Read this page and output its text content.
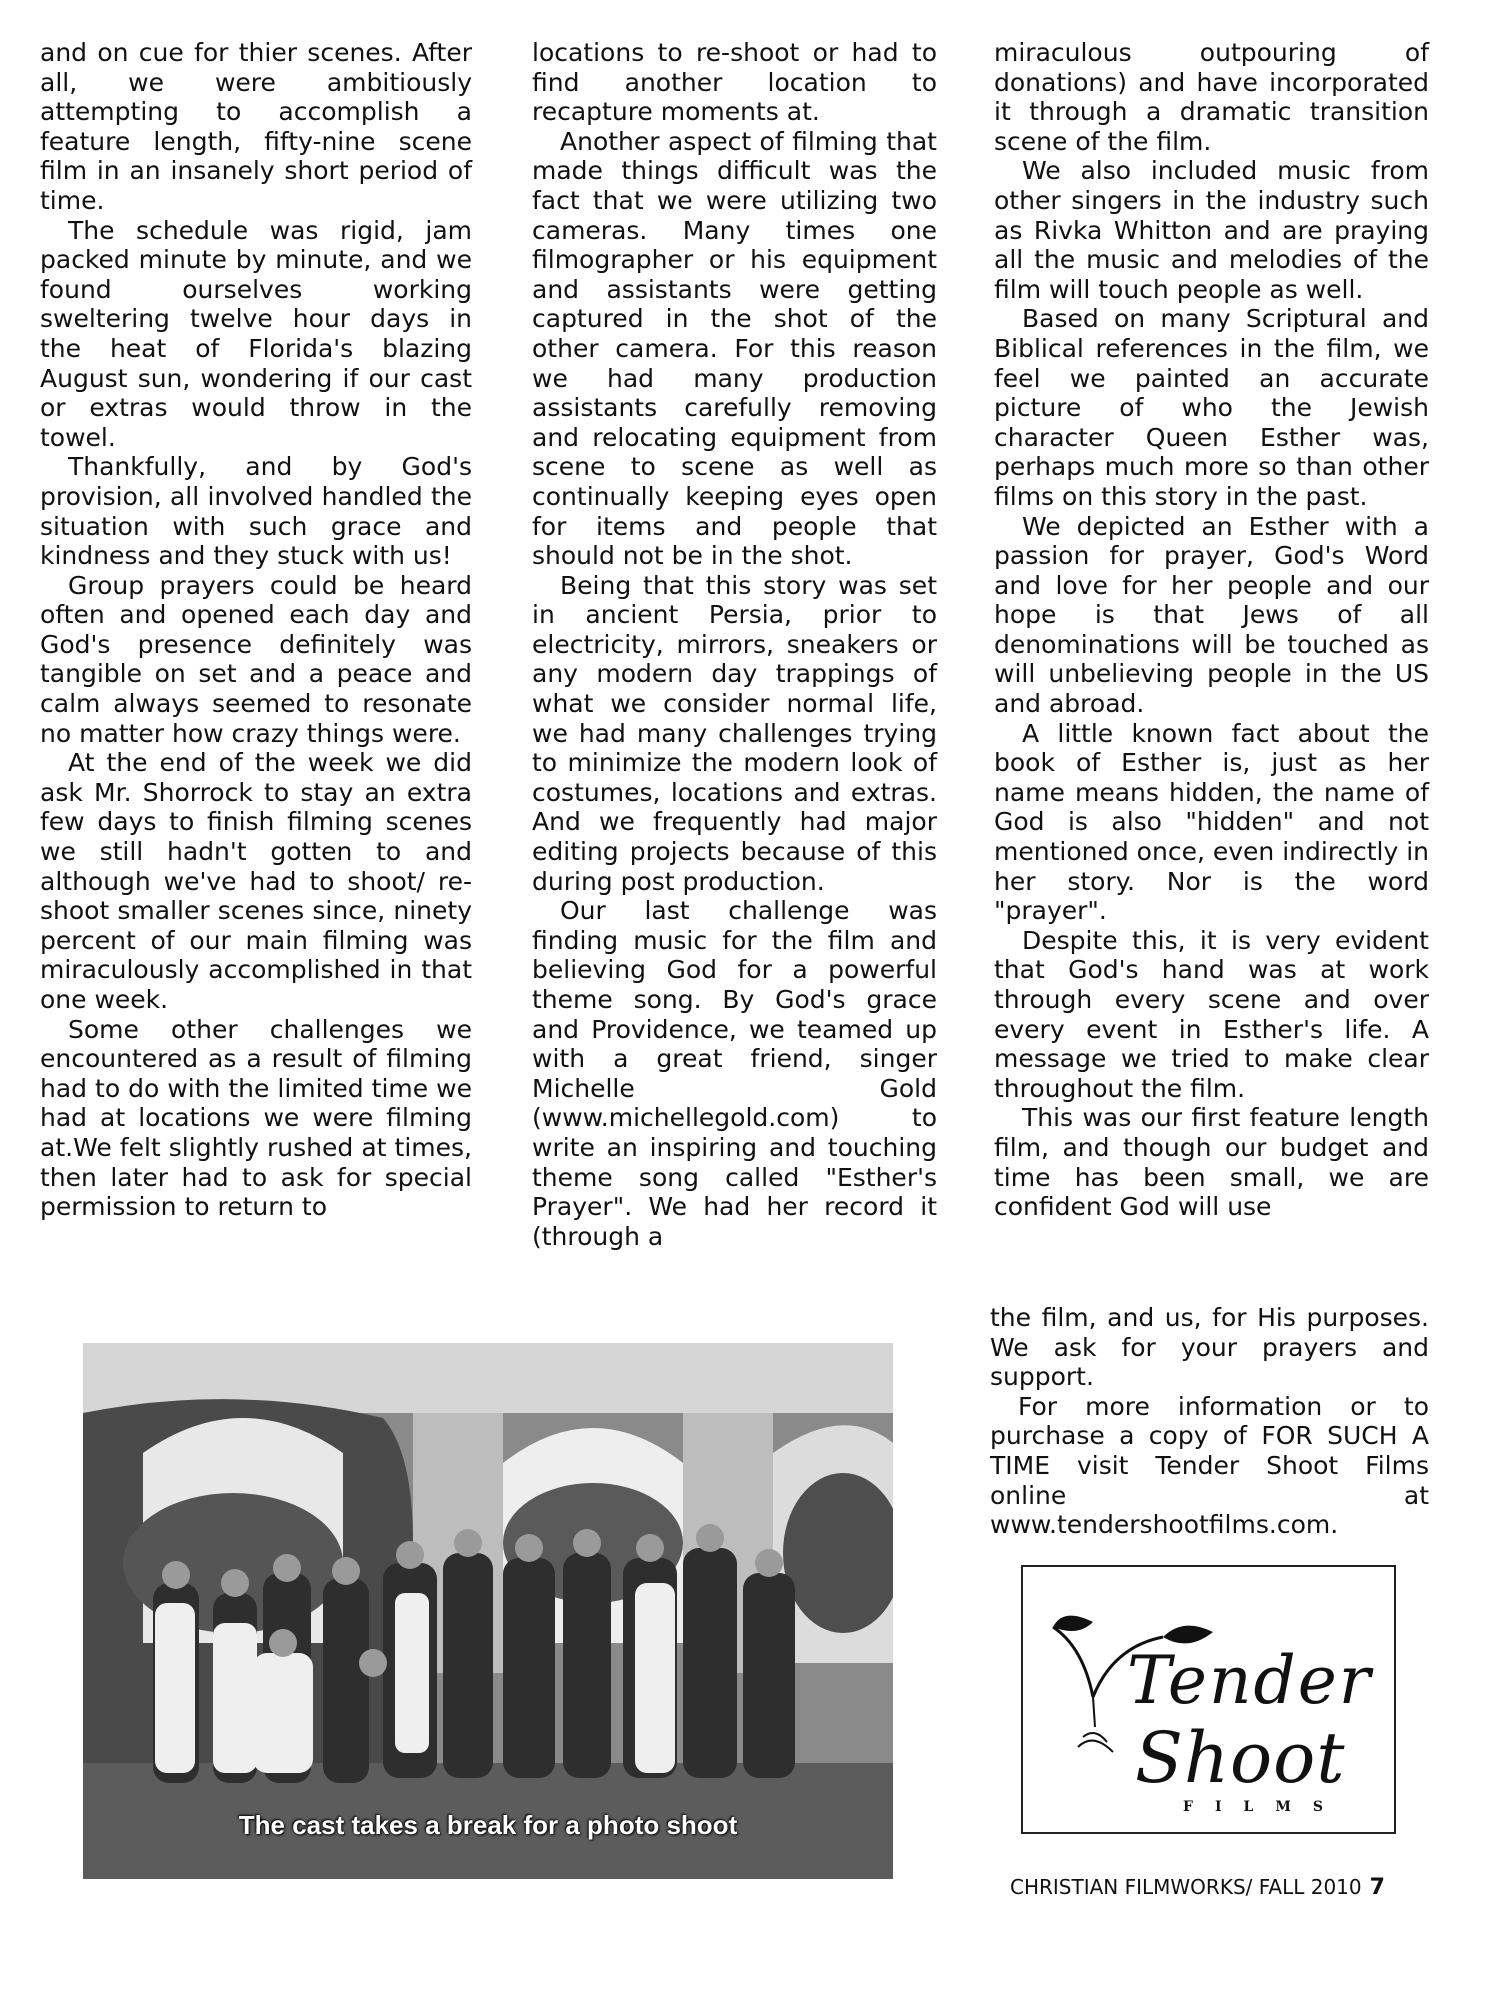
and on cue for thier scenes. After all, we were ambitiously attempting to accomplish a feature length, fifty-nine scene film in an insanely short period of time.

The schedule was rigid, jam packed minute by minute, and we found ourselves working sweltering twelve hour days in the heat of Florida's blazing August sun, wondering if our cast or extras would throw in the towel.

Thankfully, and by God's provision, all involved handled the situation with such grace and kindness and they stuck with us!

Group prayers could be heard often and opened each day and God's presence definitely was tangible on set and a peace and calm always seemed to resonate no matter how crazy things were.

At the end of the week we did ask Mr. Shorrock to stay an extra few days to finish filming scenes we still hadn't gotten to and although we've had to shoot/ re-shoot smaller scenes since, ninety percent of our main filming was miraculously accomplished in that one week.

Some other challenges we encountered as a result of filming had to do with the limited time we had at locations we were filming at.We felt slightly rushed at times, then later had to ask for special permission to return to

locations to re-shoot or had to find another location to recapture moments at.

Another aspect of filming that made things difficult was the fact that we were utilizing two cameras. Many times one filmographer or his equipment and assistants were getting captured in the shot of the other camera. For this reason we had many production assistants carefully removing and relocating equipment from scene to scene as well as continually keeping eyes open for items and people that should not be in the shot.

Being that this story was set in ancient Persia, prior to electricity, mirrors, sneakers or any modern day trappings of what we consider normal life, we had many challenges trying to minimize the modern look of costumes, locations and extras. And we frequently had major editing projects because of this during post production.

Our last challenge was finding music for the film and believing God for a powerful theme song. By God's grace and Providence, we teamed up with a great friend, singer Michelle Gold (www.michellegold.com) to write an inspiring and touching theme song called "Esther's Prayer". We had her record it (through a

miraculous outpouring of donations) and have incorporated it through a dramatic transition scene of the film.

We also included music from other singers in the industry such as Rivka Whitton and are praying all the music and melodies of the film will touch people as well.

Based on many Scriptural and Biblical references in the film, we feel we painted an accurate picture of who the Jewish character Queen Esther was, perhaps much more so than other films on this story in the past.

We depicted an Esther with a passion for prayer, God's Word and love for her people and our hope is that Jews of all denominations will be touched as will unbelieving people in the US and abroad.

A little known fact about the book of Esther is, just as her name means hidden, the name of God is also "hidden" and not mentioned once, even indirectly in her story. Nor is the word "prayer".

Despite this, it is very evident that God's hand was at work through every scene and over every event in Esther's life. A message we tried to make clear throughout the film.

This was our first feature length film, and though our budget and time has been small, we are confident God will use

the film, and us, for His purposes. We ask for your prayers and support.

For more information or to purchase a copy of FOR SUCH A TIME visit Tender Shoot Films online at www.tendershootfilms.com.

The cast takes a break for a photo shoot
Tender
Shoot
FILMS
CHRISTIAN FILMWORKS/ FALL 2010 7
